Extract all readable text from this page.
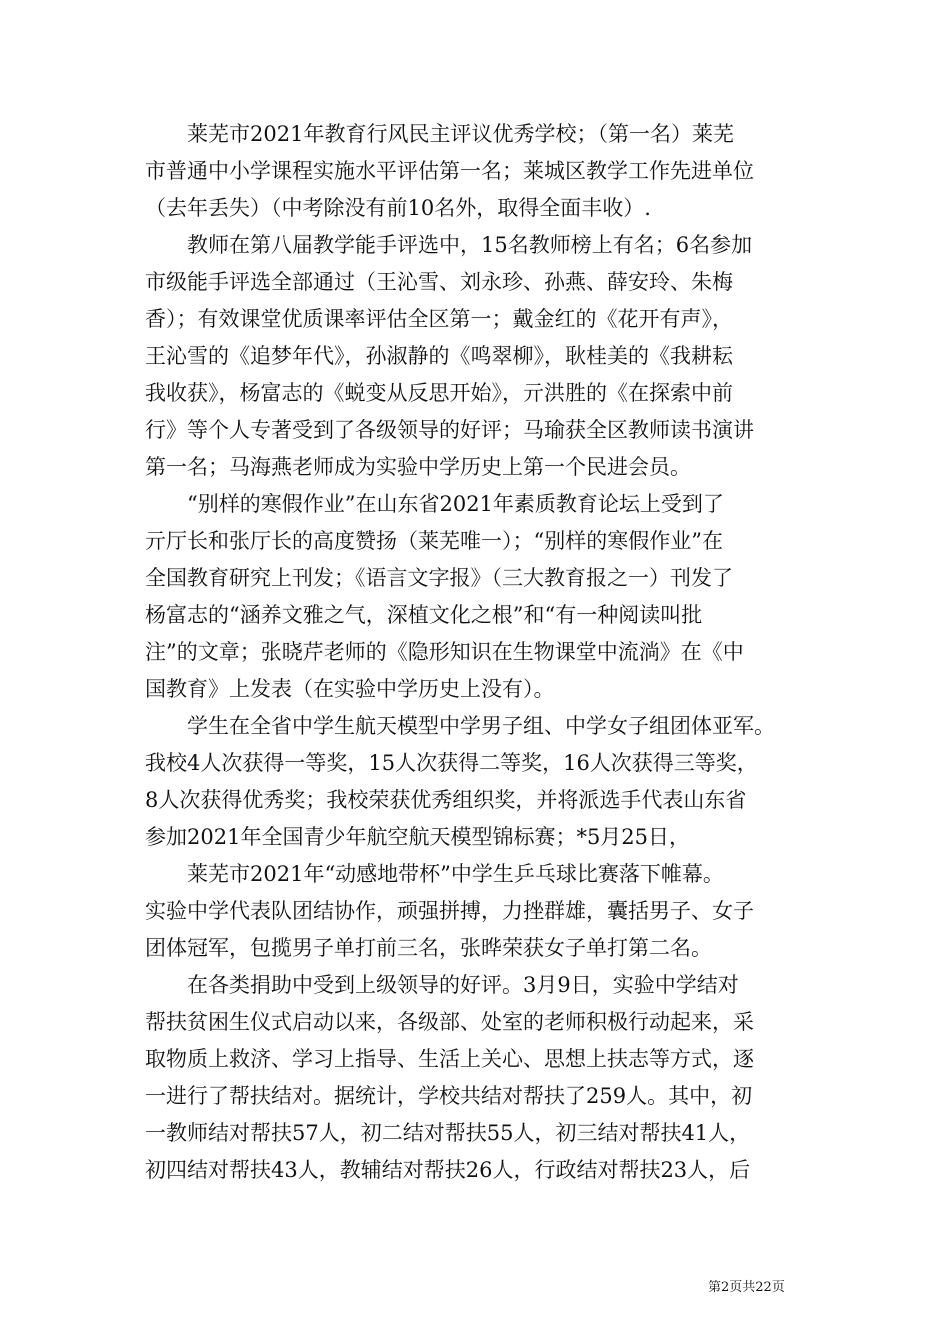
　　莱芜市2021年教育行风民主评议优秀学校；（第一名）莱芜
市普通中小学课程实施水平评估第一名；莱城区教学工作先进单位
（去年丢失）（中考除没有前10名外，取得全面丰收）.
　　教师在第八届教学能手评选中，15名教师榜上有名；6名参加
市级能手评选全部通过（王沁雪、刘永珍、孙燕、薛安玲、朱梅
香）；有效课堂优质课率评估全区第一；戴金红的《花开有声》，
王沁雪的《追梦年代》，孙淑静的《鸣翠柳》，耿桂美的《我耕耘
我收获》，杨富志的《蜕变从反思开始》，亓洪胜的《在探索中前
行》等个人专著受到了各级领导的好评；马瑜获全区教师读书演讲
第一名；马海燕老师成为实验中学历史上第一个民进会员。
　　“别样的寒假作业”在山东省2021年素质教育论坛上受到了
亓厅长和张厅长的高度赞扬（莱芜唯一）；“别样的寒假作业”在
全国教育研究上刊发；《语言文字报》（三大教育报之一）刊发了
杨富志的“涵养文雅之气，深植文化之根”和“有一种阅读叫批
注”的文章；张晓芹老师的《隐形知识在生物课堂中流淌》在《中
国教育》上发表（在实验中学历史上没有）。
　　学生在全省中学生航天模型中学男子组、中学女子组团体亚军。
我校4人次获得一等奖，15人次获得二等奖，16人次获得三等奖，
8人次获得优秀奖；我校荣获优秀组织奖，并将派选手代表山东省
参加2021年全国青少年航空航天模型锦标赛；*5月25日，
　　莱芜市2021年“动感地带杯”中学生乒乓球比赛落下帷幕。
实验中学代表队团结协作，顽强拼搏，力挫群雄，囊括男子、女子
团体冠军，包揽男子单打前三名，张晔荣获女子单打第二名。
　　在各类捐助中受到上级领导的好评。3月9日，实验中学结对
帮扶贫困生仪式启动以来，各级部、处室的老师积极行动起来，采
取物质上救济、学习上指导、生活上关心、思想上扶志等方式，逐
一进行了帮扶结对。据统计，学校共结对帮扶了259人。其中，初
一教师结对帮扶57人，初二结对帮扶55人，初三结对帮扶41人，
初四结对帮扶43人，教辅结对帮扶26人，行政结对帮扶23人，后
第2页共22页
